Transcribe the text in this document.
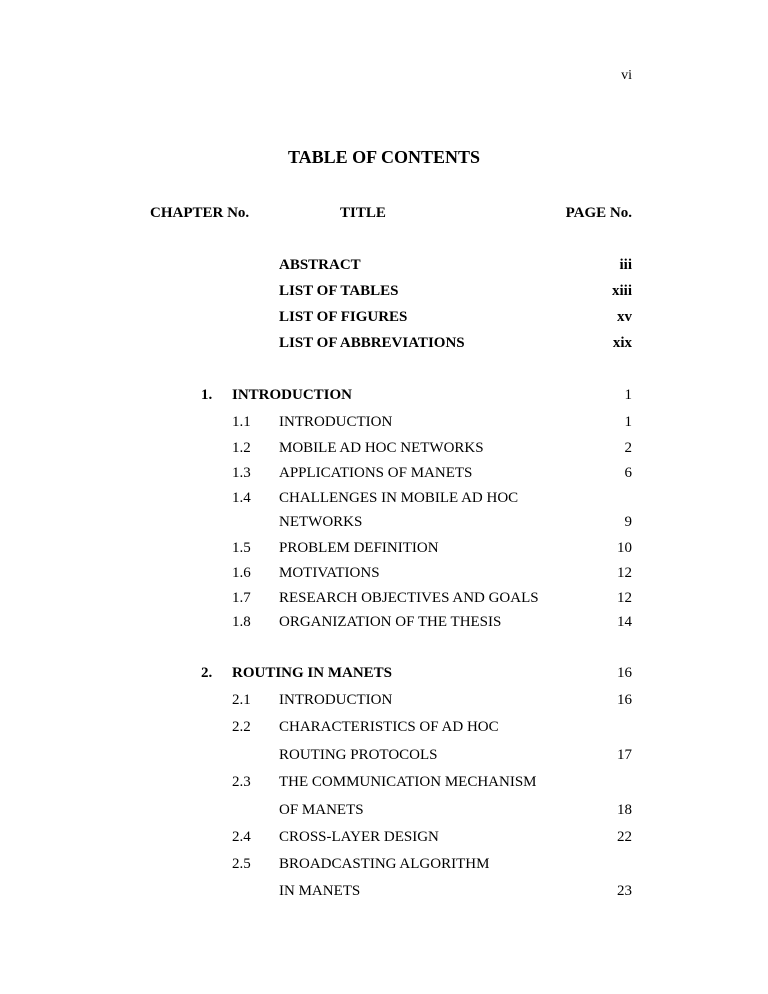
vi
TABLE OF CONTENTS
CHAPTER No.	TITLE	PAGE No.
ABSTRACT	iii
LIST OF TABLES	xiii
LIST OF FIGURES	xv
LIST OF ABBREVIATIONS	xix
1. INTRODUCTION	1
1.1 INTRODUCTION	1
1.2 MOBILE AD HOC NETWORKS	2
1.3 APPLICATIONS OF MANETS	6
1.4 CHALLENGES IN MOBILE AD HOC
NETWORKS	9
1.5 PROBLEM DEFINITION	10
1.6 MOTIVATIONS	12
1.7 RESEARCH OBJECTIVES AND GOALS	12
1.8 ORGANIZATION OF THE THESIS	14
2. ROUTING IN MANETS	16
2.1 INTRODUCTION	16
2.2 CHARACTERISTICS OF AD HOC
ROUTING PROTOCOLS	17
2.3 THE COMMUNICATION MECHANISM
OF MANETS	18
2.4 CROSS-LAYER DESIGN	22
2.5 BROADCASTING ALGORITHM
IN MANETS	23
